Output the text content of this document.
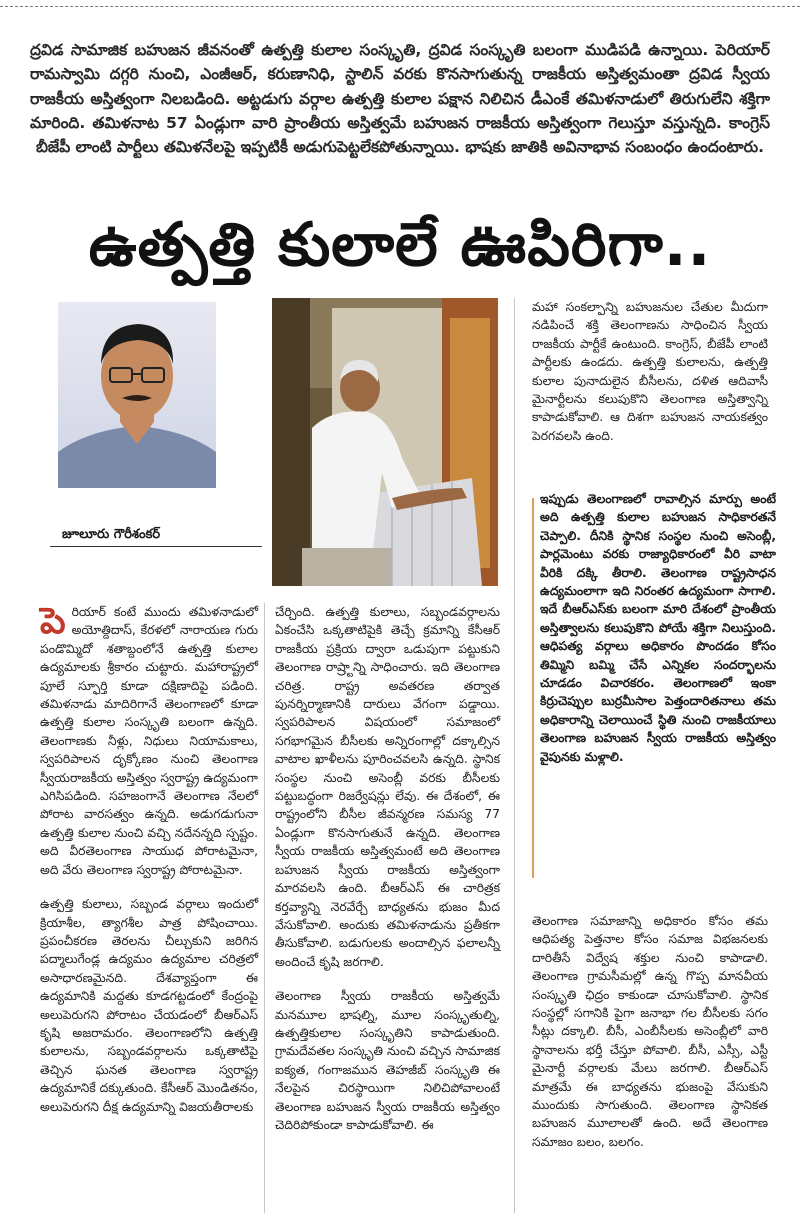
ద్రవిడ సామాజిక బహుజన జీవనంతో ఉత్పత్తి కులాల సంస్కృతి, ద్రవిడ సంస్కృతి బలంగా ముడిపడి ఉన్నాయి. పెరియార్ రామస్వామి దగ్గరి నుంచి, ఎంజీఆర్, కరుణానిధి, స్టాలిన్ వరకు కొనసాగుతున్న రాజకీయ అస్తిత్వమంతా ద్రవిడ స్వీయ రాజకీయ అస్తిత్వంగా నిలబడింది. అట్టడుగు వర్గాల ఉత్పత్తి కులాల పక్షాన నిలిచిన డీఎంకే తమిళనాడులో తిరుగులేని శక్తిగా మారింది. తమిళనాట 57 ఏండ్లుగా వారి ప్రాంతీయ అస్తిత్వమే బహుజన రాజకీయ అస్తిత్వంగా గెలుస్తూ వస్తున్నది. కాంగ్రెస్ బీజేపీ లాంటి పార్టీలు తమిళనేలపై ఇప్పటికీ అడుగుపెట్టలేకపోతున్నాయి. భాషకు జాతికి అవినాభావ సంబంధం ఉందంటారు.
ఉత్పత్తి కులాలే ఊపిరిగా..
జూలూరు గౌరీశంకర్

పెరియార్ కంటే ముందు తమిళనాడులో అయోత్దిదాస్, కేరళలో నారాయణ గురు పండొమ్మిదో శతాబ్దంలోనే ఉత్పత్తి కులాల ఉద్యమాలకు శ్రీకారం చుట్టారు. మహారాష్ట్రలో పూలే స్ఫూర్తి కూడా దక్షిణాదిపై పడింది. తమిళనాడు మాదిరిగానే తెలంగాణలో కూడా ఉత్పత్తి కులాల సంస్కృతి బలంగా ఉన్నది. తెలంగాణకు నీళ్లు, నిధులు నియామకాలు, స్వపరిపాలన దృక్కోణం నుంచి తెలంగాణ స్వీయరాజకీయ అస్తిత్వం స్వరాష్ట్ర ఉద్యమంగా ఎగిసిపడింది. సహజంగానే తెలంగాణ నేలలో పోరాట వారసత్వం ఉన్నది. అడుగడుగునా ఉత్పత్తి కులాల నుంచి వచ్చి నదేనన్నది స్పష్టం. అది వీరతెలంగాణ సాయుధ పోరాటమైనా, అది వేరు తెలంగాణ స్వరాష్ట్ర పోరాటమైనా.

ఉత్పత్తి కులాలు, సబ్బండ వర్గాలు ఇందులో క్రియాశీల, త్యాగశీల పాత్ర పోషించాయి. ప్రపంచీకరణ తెరలను చీల్చుకుని జరిగిన పద్మాలుగేండ్ల ఉద్యమం ఉద్యమాల చరిత్రలో అసాధారణమైనది. దేశవ్యాప్తంగా ఈ ఉద్యమానికి మద్దతు కూడగట్టడంలో కేంద్రంపై అలుపెరుగని పోరాటం చేయడంలో బీఆర్ఎస్ కృషి అజరామరం. తెలంగాణలోని ఉత్పత్తి కులాలను, సబ్బండవర్గాలను ఒక్కతాటిపై తెచ్చిన ఘనత తెలంగాణ స్వరాష్ట్ర ఉద్యమానికే దక్కుతుంది. కేసీఆర్ మొండితనం, అలుపెరుగని దీక్ష ఉద్యమాన్ని విజయతీరాలకు

చేర్చింది. ఉత్పత్తి కులాలు, సబ్బండవర్గాలను ఏకంచేసి ఒక్కతాటిపైకి తెచ్చే క్రమాన్ని కేసీఆర్ రాజకీయ ప్రక్రియ ద్వారా ఒడుపుగా పట్టుకుని తెలంగాణ రాష్ర్టాన్ని సాధించారు. ఇది తెలంగాణ చరిత్ర. రాష్ట్ర అవతరణ తర్వాత పునర్నిర్మాణానికి దారులు వేగంగా పడ్డాయి. స్వపరిపాలన విషయంలో సమాజంలో సగభాగమైన బీసీలకు అన్నిరంగాల్లో దక్కాల్సిన వాటాల ఖాళీలను పూరించవలసి ఉన్నది. స్థానిక సంస్థల నుంచి అసెంబ్లీ వరకు బీసీలకు పట్టుబద్ధంగా రిజర్వేషన్లు లేవు. ఈ దేశంలో, ఈ రాష్ట్రంలోని బీసీల జీవన్మరణ సమస్య 77 ఏండ్లుగా కొనసాగుతునే ఉన్నది. తెలంగాణ స్వీయ రాజకీయ అస్తిత్వమంటే అది తెలంగాణ బహుజన స్వీయ రాజకీయ అస్తిత్వంగా మారవలసి ఉంది. బీఆర్ఎస్ ఈ చారిత్రక కర్తవ్యాన్ని నెరవేర్చే బాధ్యతను భుజం మీద వేసుకోవాలి. అందుకు తమిళనాడును ప్రతీకగా తీసుకోవాలి. బడుగులకు అందాల్సిన ఫలాలన్నీ అందించే కృషి జరగాలి.

తెలంగాణ స్వీయ రాజకీయ అస్తిత్వమే మనమూల భాషల్ని, మూల సంస్కృతుల్ని, ఉత్పత్తికులాల సంస్కృతిని కాపాడుతుంది. గ్రామదేవతల సంస్కృతి నుంచి వచ్చిన సామాజిక ఐక్యత, గంగాజమున తెహజీబ్ సంస్కృతి ఈ నేలపైన చిరస్థాయిగా నిలిచిపోవాలంటే తెలంగాణ బహుజన స్వీయ రాజకీయ అస్తిత్వం చెదిరిపోకుండా కాపాడుకోవాలి. ఈ

మహా సంకల్పాన్ని బహుజనుల చేతుల మీదుగా నడిపించే శక్తి తెలంగాణను సాధించిన స్వీయ రాజకీయ పార్టీకే ఉంటుంది. కాంగ్రెస్, బీజేపీ లాంటి పార్టీలకు ఉండదు. ఉత్పత్తి కులాలను, ఉత్పత్తి కులాల పునాదులైన బీసీలను, దళిత ఆదివాసీ మైనార్టీలను కలుపుకొని తెలంగాణ అస్తిత్వాన్ని కాపాడుకోవాలి. ఆ దిశగా బహుజన నాయకత్వం పెరగవలసి ఉంది.

ఇప్పుడు తెలంగాణలో రావాల్సిన మార్పు అంటే అది ఉత్పత్తి కులాల బహుజన సాధికారతనే చెప్పాలి. దీనికి స్థానిక సంస్థల నుంచి అసెంబ్లీ, పార్లమెంటు వరకు రాజ్యాధికారంలో వీరి వాటా వీరికి దక్కి తీరాలి. తెలంగాణ రాష్ట్రసాధన ఉద్యమంలాగా ఇది నిరంతర ఉద్యమంగా సాగాలి. ఇదే బీఆర్ఎస్‌కు బలంగా మారి దేశంలో ప్రాంతీయ అస్తిత్వాలను కలుపుకొని పోయే శక్తిగా నిలుస్తుంది. ఆధిపత్య వర్గాలు అధికారం పొందడం కోసం తిమ్మిని బమ్మి చేసే ఎన్నికల సందర్భాలను చూడడం విచారకరం. తెలంగాణలో ఇంకా కిర్రుచెప్పుల బుర్రమీసాల పెత్తందారితనాలు తమ అధికారాన్ని చెలాయించే స్థితి నుంచి రాజకీయాలు తెలంగాణ బహుజన స్వీయ రాజకీయ అస్తిత్వం వైపునకు మళ్లాలి.

తెలంగాణ సమాజాన్ని అధికారం కోసం తమ ఆధిపత్య పెత్తనాల కోసం సమాజ విభజనలకు దారితీసే విద్వేష శక్తుల నుంచి కాపాడాలి. తెలంగాణ గ్రామసీమల్లో ఉన్న గొప్ప మానవీయ సంస్కృతి ఛిద్రం కాకుండా చూసుకోవాలి. స్థానిక సంస్థల్లో సగానికి పైగా జనాభా గల బీసీలకు సగం సీట్లు దక్కాలి. బీసీ, ఎంబీసీలకు అసెంబ్లీలో వారి స్థానాలను భర్తీ చేస్తూ పోవాలి. బీసీ, ఎస్సీ, ఎస్టీ మైనార్టీ వర్గాలకు మేలు జరగాలి. బీఆర్ఎస్ మాత్రమే ఈ బాధ్యతను భుజంపై వేసుకుని ముందుకు సాగుతుంది. తెలంగాణ స్థానికత బహుజన మూలాలతో ఉంది. అదే తెలంగాణ సమాజం బలం, బలగం.
